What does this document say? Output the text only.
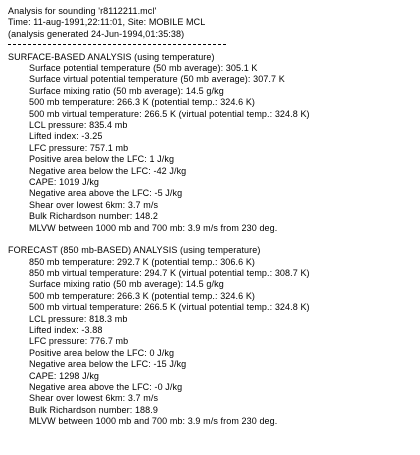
Analysis for sounding 'r8112211.mcl'
Time: 11-aug-1991,22:11:01, Site: MOBILE MCL
(analysis generated 24-Jun-1994,01:35:38)
SURFACE-BASED ANALYSIS (using temperature)
Surface potential temperature (50 mb average): 305.1 K
Surface virtual potential temperature (50 mb average): 307.7 K
Surface mixing ratio (50 mb average): 14.5 g/kg
500 mb temperature: 266.3 K (potential temp.: 324.6 K)
500 mb virtual temperature: 266.5 K (virtual potential temp.: 324.8 K)
LCL pressure: 835.4 mb
Lifted index: -3.25
LFC pressure: 757.1 mb
Positive area below the LFC: 1 J/kg
Negative area below the LFC: -42 J/kg
CAPE: 1019 J/kg
Negative area above the LFC: -5 J/kg
Shear over lowest 6km: 3.7 m/s
Bulk Richardson number: 148.2
MLVW between 1000 mb and 700 mb: 3.9 m/s from 230 deg.
FORECAST (850 mb-BASED) ANALYSIS (using temperature)
850 mb temperature: 292.7 K (potential temp.: 306.6 K)
850 mb virtual temperature: 294.7 K (virtual potential temp.: 308.7 K)
Surface mixing ratio (50 mb average): 14.5 g/kg
500 mb temperature: 266.3 K (potential temp.: 324.6 K)
500 mb virtual temperature: 266.5 K (virtual potential temp.: 324.8 K)
LCL pressure: 818.3 mb
Lifted index: -3.88
LFC pressure: 776.7 mb
Positive area below the LFC: 0 J/kg
Negative area below the LFC: -15 J/kg
CAPE: 1298 J/kg
Negative area above the LFC: -0 J/kg
Shear over lowest 6km: 3.7 m/s
Bulk Richardson number: 188.9
MLVW between 1000 mb and 700 mb: 3.9 m/s from 230 deg.
